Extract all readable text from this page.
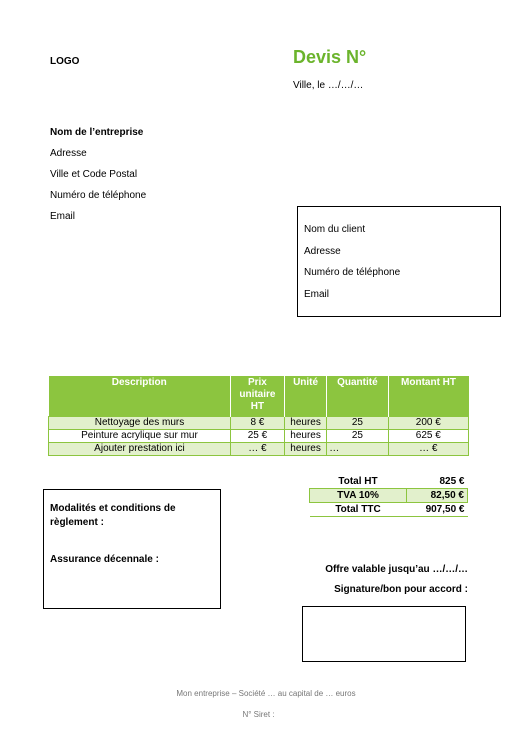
LOGO	Devis N°
Ville, le …/…/…
Nom de l’entreprise
Adresse
Ville et Code Postal
Numéro de téléphone
Email
Nom du client
Adresse
Numéro de téléphone
Email
Description	Prix unitaire HT	Unité	Quantité	Montant HT
Nettoyage des murs	8 €	heures	25	200 €
Peinture acrylique sur mur	25 €	heures	25	625 €
Ajouter prestation ici	… €	heures	…	… €
Total HT	825 €
TVA 10%	82,50 €
Total TTC	907,50 €
Modalités et conditions de règlement :
Assurance décennale :
Offre valable jusqu’au …/…/…
Signature/bon pour accord :
Mon entreprise – Société … au capital de … euros
N° Siret :
